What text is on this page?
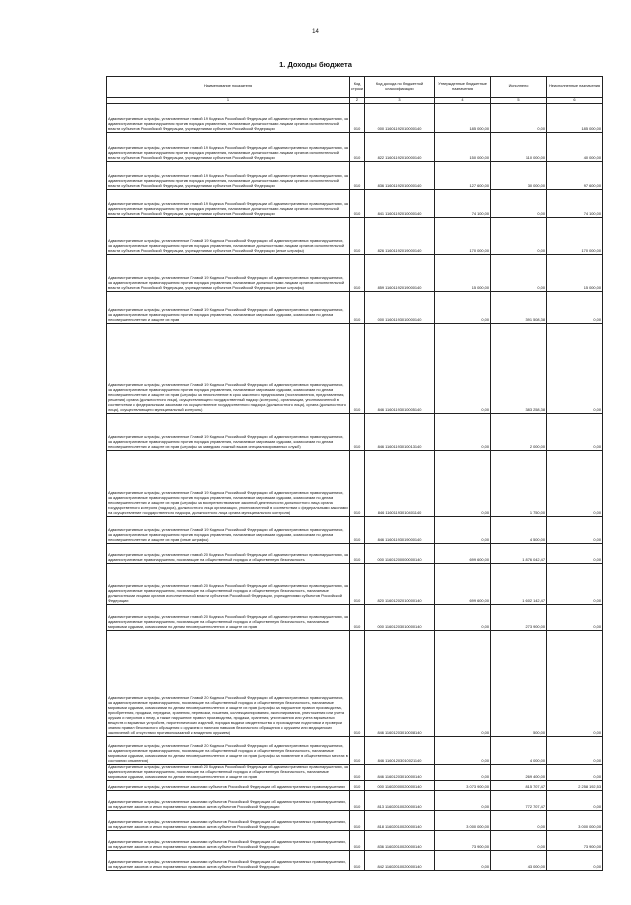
14
1. Доходы бюджета
Наименование показателя	Код строки	Код дохода по бюджетной классификации	Утвержденные бюджетные назначения	Исполнено	Неисполненные назначения
1	2	3	4	5	6
Административные штрафы, установленные главой 19 Кодекса Российской Федерации об административных правонарушениях, за административные правонарушения против порядка управления, налагаемые должностными лицами органов исполнительной власти субъектов Российской Федерации, учреждениями субъектов Российской Федерации	010	000 11601192010000140	185 000,00	0,00	185 000,00
Административные штрафы, установленные главой 19 Кодекса Российской Федерации об административных правонарушениях, за административные правонарушения против порядка управления, налагаемые должностными лицами органов исполнительной власти субъектов Российской Федерации, учреждениями субъектов Российской Федерации	010	822 11601192010000140	150 000,00	110 000,00	40 000,00
Административные штрафы, установленные главой 19 Кодекса Российской Федерации об административных правонарушениях, за административные правонарушения против порядка управления, налагаемые должностными лицами органов исполнительной власти субъектов Российской Федерации, учреждениями субъектов Российской Федерации	010	836 11601192010000140	127 600,00	30 000,00	97 600,00
Административные штрафы, установленные главой 19 Кодекса Российской Федерации об административных правонарушениях, за административные правонарушения против порядка управления, налагаемые должностными лицами органов исполнительной власти субъектов Российской Федерации, учреждениями субъектов Российской Федерации	010	841 11601192010000140	74 100,00	0,00	74 100,00
Административные штрафы, установленные Главой 19 Кодекса Российской Федерации об административных правонарушениях, за административные правонарушения против порядка управления, налагаемые должностными лицами органов исполнительной власти субъектов Российской Федерации, учреждениями субъектов Российской Федерации (иные штрафы)	010	826 11601192019000140	170 000,00	0,00	170 000,00
Административные штрафы, установленные Главой 19 Кодекса Российской Федерации об административных правонарушениях, за административные правонарушения против порядка управления, налагаемые должностными лицами органов исполнительной власти субъектов Российской Федерации, учреждениями субъектов Российской Федерации (иные штрафы)	010	859 11601192019000140	15 000,00	0,00	15 000,00
Административные штрафы, установленные Главой 19 Кодекса Российской Федерации об административных правонарушениях, за административные правонарушения против порядка управления, налагаемые мировыми судьями, комиссиями по делам несовершеннолетних и защите их прав	010	000 11601193010000140	0,00	391 508,38	0,00
Административные штрафы, установленные Главой 19 Кодекса Российской Федерации об административных правонарушениях, за административные правонарушения против порядка управления, налагаемые мировыми судьями, комиссиями по делам несовершеннолетних и защите их прав (штрафы за неисполнение в срок законного предписания (постановления, представления, решения) органа (должностного лица), осуществляющего государственный надзор (контроль), организации, уполномоченной в соответствии с федеральными законами на осуществление государственного надзора (должностного лица), органа (должностного лица), осуществляющего муниципальный контроль)	010	846 11601193010005140	0,00	383 258,38	0,00
Административные штрафы, установленные Главой 19 Кодекса Российской Федерации об административных правонарушениях, за административные правонарушения против порядка управления, налагаемые мировыми судьями, комиссиями по делам несовершеннолетних и защите их прав (штрафы за заведомо ложный вызов специализированных служб)	010	846 11601193010013140	0,00	2 000,00	0,00
Административные штрафы, установленные Главой 19 Кодекса Российской Федерации об административных правонарушениях, за административные правонарушения против порядка управления, налагаемые мировыми судьями, комиссиями по делам несовершеннолетних и защите их прав (штрафы за воспрепятствование законной деятельности должностного лица органа государственного контроля (надзора), должностного лица организации, уполномоченной в соответствии с федеральными законами на осуществление государственного надзора, должностного лица органа муниципального контроля)	010	846 11601193010401140	0,00	1 750,00	0,00
Административные штрафы, установленные Главой 19 Кодекса Российской Федерации об административных правонарушениях, за административные правонарушения против порядка управления, налагаемые мировыми судьями, комиссиями по делам несовершеннолетних и защите их прав (иные штрафы)	010	846 11601193019000140	0,00	4 500,00	0,00
Административные штрафы, установленные главой 20 Кодекса Российской Федерации об административных правонарушениях, за административные правонарушения, посягающие на общественный порядок и общественную безопасность	010	000 11601200000000140	699 600,00	1 876 042,47	0,00
Административные штрафы, установленные главой 20 Кодекса Российской Федерации об административных правонарушениях, за административные правонарушения, посягающие на общественный порядок и общественную безопасность, налагаемые должностными лицами органов исполнительной власти субъектов Российской Федерации, учреждениями субъектов Российской Федерации	010	820 11601202010000140	699 600,00	1 602 142,47	0,00
Административные штрафы, установленные главой 20 Кодекса Российской Федерации об административных правонарушениях, за административные правонарушения, посягающие на общественный порядок и общественную безопасность, налагаемые мировыми судьями, комиссиями по делам несовершеннолетних и защите их прав	010	000 11601203010000140	0,00	273 900,00	0,00
Административные штрафы, установленные Главой 20 Кодекса Российской Федерации об административных правонарушениях, за административные правонарушения, посягающие на общественный порядок и общественную безопасность, налагаемые мировыми судьями, комиссиями по делам несовершеннолетних и защите их прав (штрафы за нарушение правил производства, приобретения, продажи, передачи, хранения, перевозки, ношения, коллекционирования, экспонирования, уничтожения или учета оружия и патронов к нему, а также нарушение правил производства, продажи, хранения, уничтожения или учета взрывчатых веществ и взрывных устройств, пиротехнических изделий, порядка выдачи свидетельства о прохождении подготовки и проверки знания правил безопасного обращения с оружием и наличия навыков безопасного обращения с оружием или медицинских заключений об отсутствии противопоказаний к владению оружием)	010	846 11601203010008140	0,00	500,00	0,00
Административные штрафы, установленные Главой 20 Кодекса Российской Федерации об административных правонарушениях, за административные правонарушения, посягающие на общественный порядок и общественную безопасность, налагаемые мировыми судьями, комиссиями по делам несовершеннолетних и защите их прав (штрафы за появление в общественных местах в состоянии опьянения)	010	846 11601203010021140	0,00	4 000,00	0,00
Административные штрафы, установленные главой 20 Кодекса Российской Федерации об административных правонарушениях, за административные правонарушения, посягающие на общественный порядок и общественную безопасность, налагаемые мировыми судьями, комиссиями по делам несовершеннолетних и защите их прав	010	846 11601203010000140	0,00	269 400,00	0,00
Административные штрафы, установленные законами субъектов Российской Федерации об административных правонарушениях	010	000 11602000020000140	3 073 900,00	815 707,47	2 258 192,53
Административные штрафы, установленные законами субъектов Российской Федерации об административных правонарушениях, за нарушение законов и иных нормативных правовых актов субъектов Российской Федерации	010	813 11602010020000140	0,00	772 707,47	0,00
Административные штрафы, установленные законами субъектов Российской Федерации об административных правонарушениях, за нарушение законов и иных нормативных правовых актов субъектов Российской Федерации	010	818 11602010020000140	3 000 000,00	0,00	3 000 000,00
Административные штрафы, установленные законами субъектов Российской Федерации об административных правонарушениях, за нарушение законов и иных нормативных правовых актов субъектов Российской Федерации	010	836 11602010020000140	73 900,00	0,00	73 900,00
Административные штрафы, установленные законами субъектов Российской Федерации об административных правонарушениях, за нарушение законов и иных нормативных правовых актов субъектов Российской Федерации	010	842 11602010020000140	0,00	43 000,00	0,00
